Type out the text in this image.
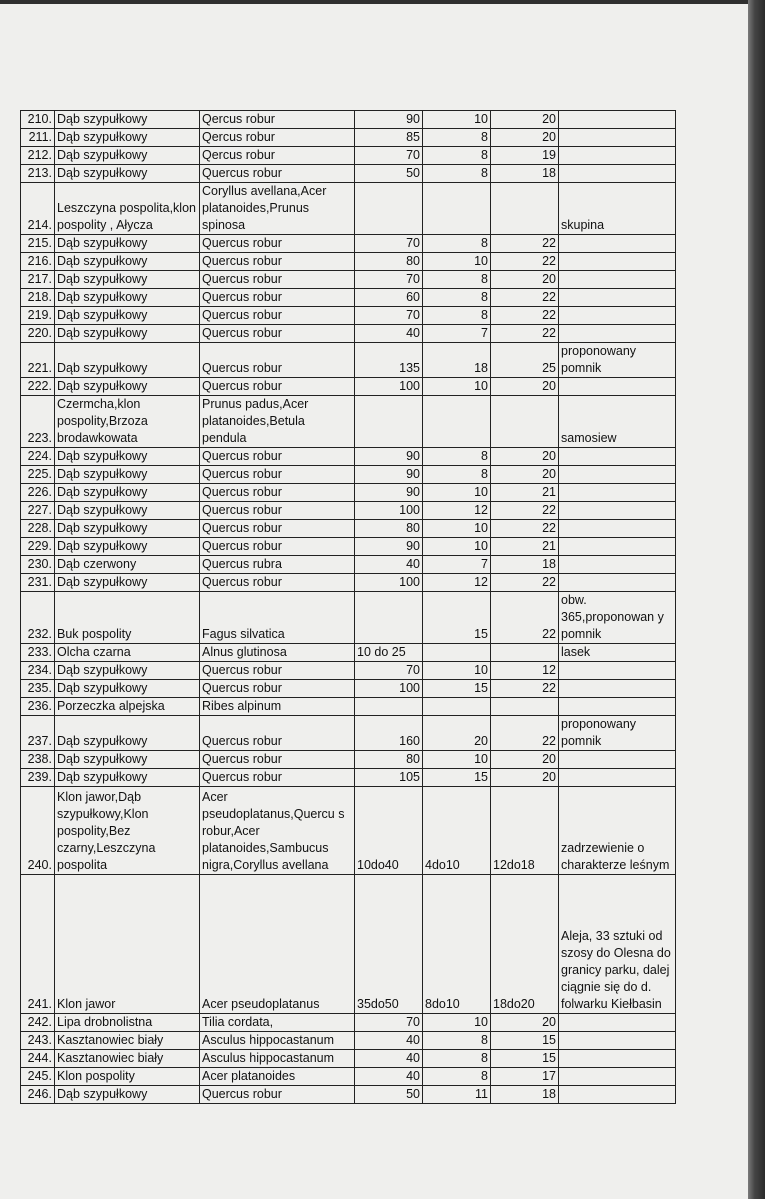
210.	Dąb szypułkowy	Qercus robur	90	10	20	
211.	Dąb szypułkowy	Qercus robur	85	8	20	
212.	Dąb szypułkowy	Qercus robur	70	8	19	
213.	Dąb szypułkowy	Quercus robur	50	8	18	
214.	Leszczyna pospolita,klon pospolity , Ałycza	Coryllus avellana,Acer platanoides,Prunus spinosa				skupina
215.	Dąb szypułkowy	Quercus robur	70	8	22	
216.	Dąb szypułkowy	Quercus robur	80	10	22	
217.	Dąb szypułkowy	Quercus robur	70	8	20	
218.	Dąb szypułkowy	Quercus robur	60	8	22	
219.	Dąb szypułkowy	Quercus robur	70	8	22	
220.	Dąb szypułkowy	Quercus robur	40	7	22	
221.	Dąb szypułkowy	Quercus robur	135	18	25	proponowany pomnik
222.	Dąb szypułkowy	Quercus robur	100	10	20	
223.	Czermcha,klon pospolity,Brzoza brodawkowata	Prunus padus,Acer platanoides,Betula pendula				samosiew
224.	Dąb szypułkowy	Quercus robur	90	8	20	
225.	Dąb szypułkowy	Quercus robur	90	8	20	
226.	Dąb szypułkowy	Quercus robur	90	10	21	
227.	Dąb szypułkowy	Quercus robur	100	12	22	
228.	Dąb szypułkowy	Quercus robur	80	10	22	
229.	Dąb szypułkowy	Quercus robur	90	10	21	
230.	Dąb czerwony	Quercus rubra	40	7	18	
231.	Dąb szypułkowy	Quercus robur	100	12	22	
232.	Buk pospolity	Fagus silvatica		15	22	obw. 365,proponowan y pomnik
233.	Olcha czarna	Alnus glutinosa	10 do 25			lasek
234.	Dąb szypułkowy	Quercus robur	70	10	12	
235.	Dąb szypułkowy	Quercus robur	100	15	22	
236.	Porzeczka alpejska	Ribes alpinum				
237.	Dąb szypułkowy	Quercus robur	160	20	22	proponowany pomnik
238.	Dąb szypułkowy	Quercus robur	80	10	20	
239.	Dąb szypułkowy	Quercus robur	105	15	20	
240.	Klon jawor,Dąb szypułkowy,Klon pospolity,Bez czarny,Leszczyna pospolita	Acer pseudoplatanus,Quercu s robur,Acer platanoides,Sambucus nigra,Coryllus avellana	10do40	4do10	12do18	zadrzewienie o charakterze leśnym
241.	Klon jawor	Acer pseudoplatanus	35do50	8do10	18do20	Aleja, 33 sztuki od szosy do Olesna do granicy parku, dalej ciągnie się do d. folwarku Kiełbasin
242.	Lipa drobnolistna	Tilia cordata,	70	10	20	
243.	Kasztanowiec biały	Asculus hippocastanum	40	8	15	
244.	Kasztanowiec biały	Asculus hippocastanum	40	8	15	
245.	Klon pospolity	Acer platanoides	40	8	17	
246.	Dąb szypułkowy	Quercus robur	50	11	18	
